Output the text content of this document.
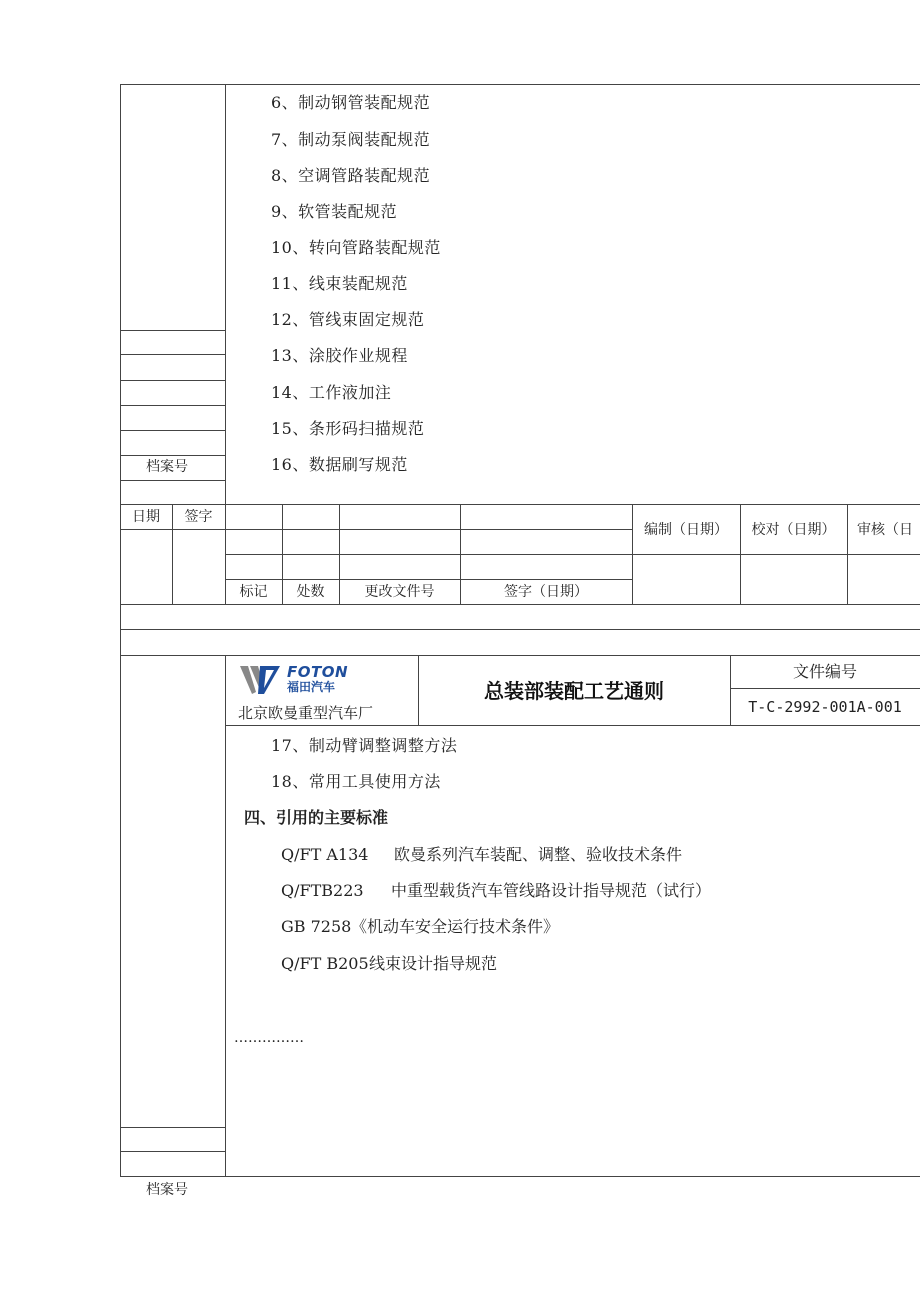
6、制动钢管装配规范
7、制动泵阀装配规范
8、空调管路装配规范
9、软管装配规范
10、转向管路装配规范
11、线束装配规范
12、管线束固定规范
13、涂胶作业规程
14、工作液加注
15、条形码扫描规范
16、数据刷写规范
档案号
日期	签字
标记	处数	更改文件号	签字（日期）
编制（日期）	校对（日期）	审核（日
FOTON
福田汽车
北京欧曼重型汽车厂
总装部装配工艺通则
文件编号
T-C-2992-001A-001
17、制动臂调整调整方法
18、常用工具使用方法
四、引用的主要标准
Q/FT A134 欧曼系列汽车装配、调整、验收技术条件
Q/FTB223 中重型载货汽车管线路设计指导规范（试行）
GB 7258 《机动车安全运行技术条件》
Q/FT B205 线束设计指导规范
……………
档案号
